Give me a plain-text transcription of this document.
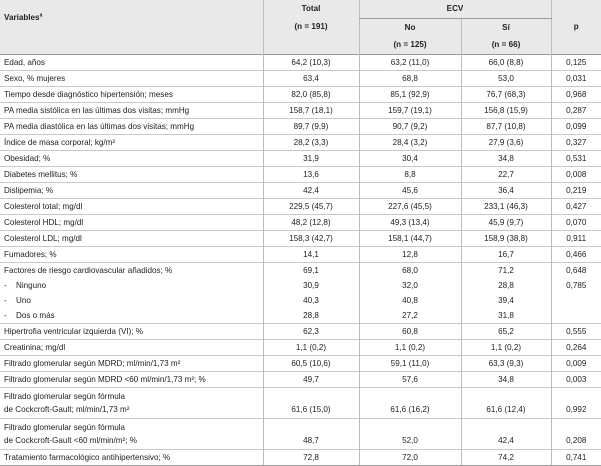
Variables$^a$	Total	ECV		p
	(n = 191)	No	Sí	
		(n = 125)	(n = 66)	
Edad, años	64,2 (10,3)	63,2 (11,0)	66,0 (8,8)	0,125
Sexo, % mujeres	63,4	68,8	53,0	0,031
Tiempo desde diagnóstico hipertensión; meses	82,0 (85,8)	85,1 (92,9)	76,7 (68,3)	0,968
PA media sistólica en las últimas dos visitas; mmHg	158,7 (18,1)	159,7 (19,1)	156,8 (15,9)	0,287
PA media diastólica en las últimas dos visitas; mmHg	89,7 (9,9)	90,7 (9,2)	87,7 (10,8)	0,099
Índice de masa corporal; kg/m²	28,2 (3,3)	28,4 (3,2)	27,9 (3,6)	0,327
Obesidad; %	31,9	30,4	34,8	0,531
Diabetes mellitus; %	13,6	8,8	22,7	0,008
Dislipemia; %	42,4	45,6	36,4	0,219
Colesterol total; mg/dl	229,5 (45,7)	227,6 (45,5)	233,1 (46,3)	0,427
Colesterol HDL; mg/dl	48,2 (12,8)	49,3 (13,4)	45,9 (9,7)	0,070
Colesterol LDL; mg/dl	158,3 (42,7)	158,1 (44,7)	158,9 (38,8)	0,911
Fumadores; %	14,1	12,8	16,7	0,466
Factores de riesgo cardiovascular añadidos; %	69,1	68,0	71,2	0,648
- Ninguno	30,9	32,0	28,8	0,785
- Uno	40,3	40,8	39,4	
- Dos o más	28,8	27,2	31,8	
Hipertrofia ventricular izquierda (VI); %	62,3	60,8	65,2	0,555
Creatinina; mg/dl	1,1 (0,2)	1,1 (0,2)	1,1 (0,2)	0,264
Filtrado glomerular según MDRD; ml/min/1,73 m²	60,5 (10,6)	59,1 (11,0)	63,3 (9,3)	0,009
Filtrado glomerular según MDRD <60 ml/min/1,73 m²; %	49,7	57,6	34,8	0,003

Filtrado glomerular según fórmula
de Cockcroft-Gault; ml/min/1,73 m²	61,6 (15,0)	61,6 (16,2)	61,6 (12,4)	0,992

Filtrado glomerular según fórmula
de Cockcroft-Gault <60 ml/min/m²; %	48,7	52,0	42,4	0,208
Tratamiento farmacológico antihipertensivo; %	72,8	72,0	74,2	0,741
